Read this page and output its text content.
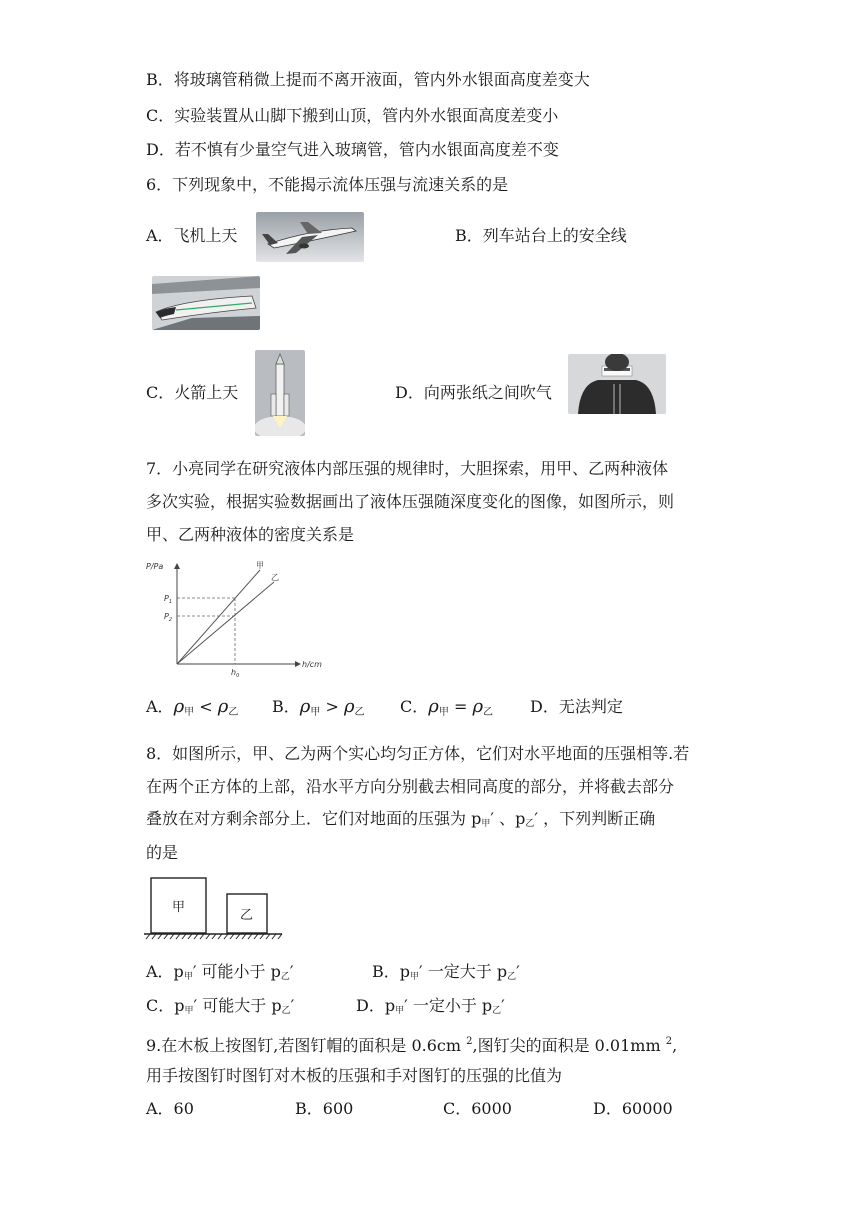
B．将玻璃管稍微上提而不离开液面，管内外水银面高度差变大
C．实验装置从山脚下搬到山顶，管内外水银面高度差变小
D．若不慎有少量空气进入玻璃管，管内水银面高度差不变
6．下列现象中，不能揭示流体压强与流速关系的是
A．飞机上天	B．列车站台上的安全线
C．火箭上天	D．向两张纸之间吹气
7．小亮同学在研究液体内部压强的规律时，大胆探索，用甲、乙两种液体
多次实验，根据实验数据画出了液体压强随深度变化的图像，如图所示，则
甲、乙两种液体的密度关系是
P/Pa
h/cm
甲
乙
$P_1$
$P_2$
$h_0$
A．$\rho_甲 < \rho_乙$ B．$\rho_甲 > \rho_乙$ C．$\rho_甲 = \rho_乙$ D．无法判定
8．如图所示，甲、乙为两个实心均匀正方体，它们对水平地面的压强相等.若
在两个正方体的上部，沿水平方向分别截去相同高度的部分，并将截去部分
叠放在对方剩余部分上．它们对地面的压强为 p甲′ 、p乙′ ，下列判断正确
的是
甲
乙
A．p甲′ 可能小于 p乙′	B．p甲′ 一定大于 p乙′
C．p甲′ 可能大于 p乙′	D．p甲′ 一定小于 p乙′
9.在木板上按图钉,若图钉帽的面积是 0.6cm $^2$,图钉尖的面积是 0.01mm $^2$,
用手按图钉时图钉对木板的压强和手对图钉的压强的比值为
A．60	B．600	C．6000	D．60000
